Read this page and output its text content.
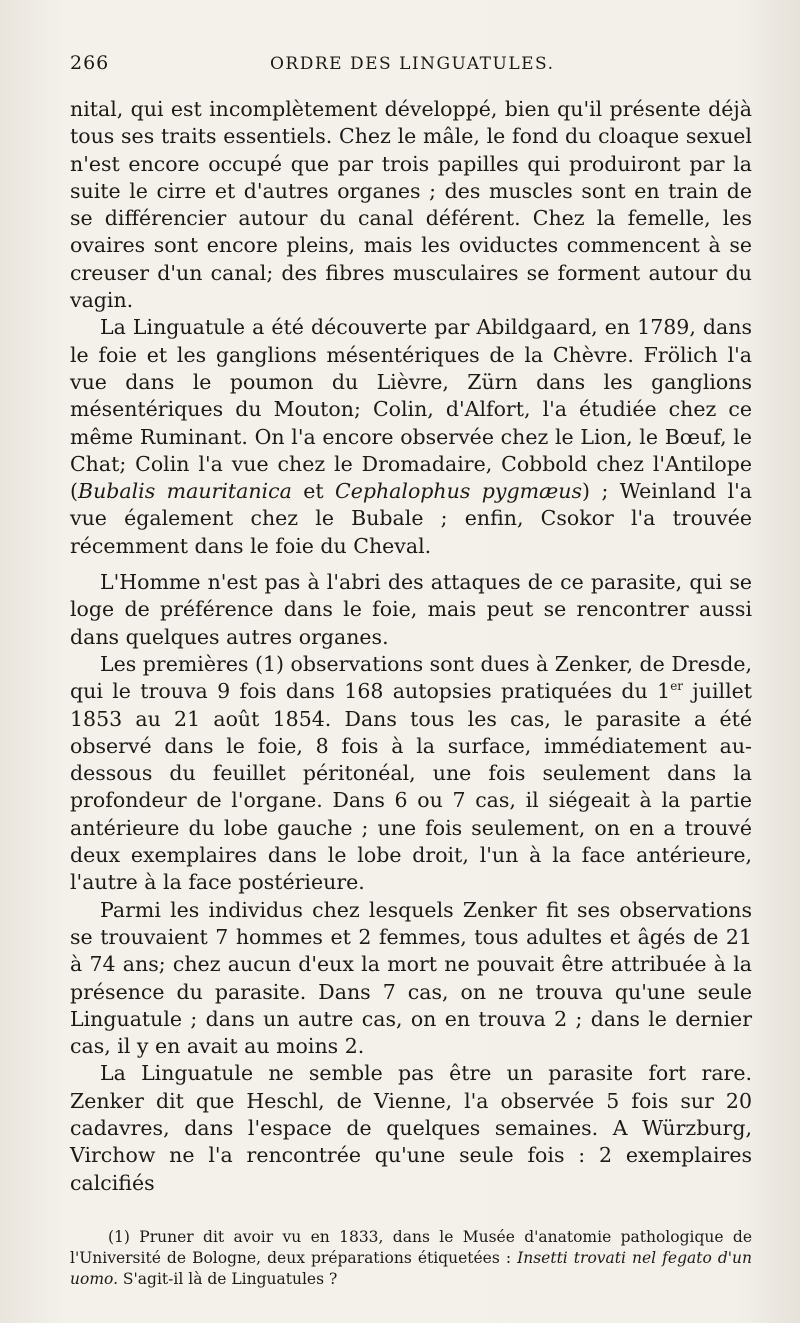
266	ORDRE DES LINGUATULES.

nital, qui est incomplètement développé, bien qu'il présente déjà tous ses traits essentiels. Chez le mâle, le fond du cloaque sexuel n'est encore occupé que par trois papilles qui produiront par la suite le cirre et d'autres organes ; des muscles sont en train de se différencier autour du canal déférent. Chez la femelle, les ovaires sont encore pleins, mais les oviductes commencent à se creuser d'un canal; des fibres musculaires se forment autour du vagin.

La Linguatule a été découverte par Abildgaard, en 1789, dans le foie et les ganglions mésentériques de la Chèvre. Frölich l'a vue dans le poumon du Lièvre, Zürn dans les ganglions mésentériques du Mouton; Colin, d'Alfort, l'a étudiée chez ce même Ruminant. On l'a encore observée chez le Lion, le Bœuf, le Chat; Colin l'a vue chez le Dromadaire, Cobbold chez l'Antilope (Bubalis mauritanica et Cephalophus pygmæus) ; Weinland l'a vue également chez le Bubale ; enfin, Csokor l'a trouvée récemment dans le foie du Cheval.

L'Homme n'est pas à l'abri des attaques de ce parasite, qui se loge de préférence dans le foie, mais peut se rencontrer aussi dans quelques autres organes.

Les premières (1) observations sont dues à Zenker, de Dresde, qui le trouva 9 fois dans 168 autopsies pratiquées du 1er juillet 1853 au 21 août 1854. Dans tous les cas, le parasite a été observé dans le foie, 8 fois à la surface, immédiatement au-dessous du feuillet péritonéal, une fois seulement dans la profondeur de l'organe. Dans 6 ou 7 cas, il siégeait à la partie antérieure du lobe gauche ; une fois seulement, on en a trouvé deux exemplaires dans le lobe droit, l'un à la face antérieure, l'autre à la face postérieure.

Parmi les individus chez lesquels Zenker fit ses observations se trouvaient 7 hommes et 2 femmes, tous adultes et âgés de 21 à 74 ans; chez aucun d'eux la mort ne pouvait être attribuée à la présence du parasite. Dans 7 cas, on ne trouva qu'une seule Linguatule ; dans un autre cas, on en trouva 2 ; dans le dernier cas, il y en avait au moins 2.

La Linguatule ne semble pas être un parasite fort rare. Zenker dit que Heschl, de Vienne, l'a observée 5 fois sur 20 cadavres, dans l'espace de quelques semaines. A Würzburg, Virchow ne l'a rencontrée qu'une seule fois : 2 exemplaires calcifiés

(1) Pruner dit avoir vu en 1833, dans le Musée d'anatomie pathologique de l'Université de Bologne, deux préparations étiquetées : Insetti trovati nel fegato d'un uomo. S'agit-il là de Linguatules ?
